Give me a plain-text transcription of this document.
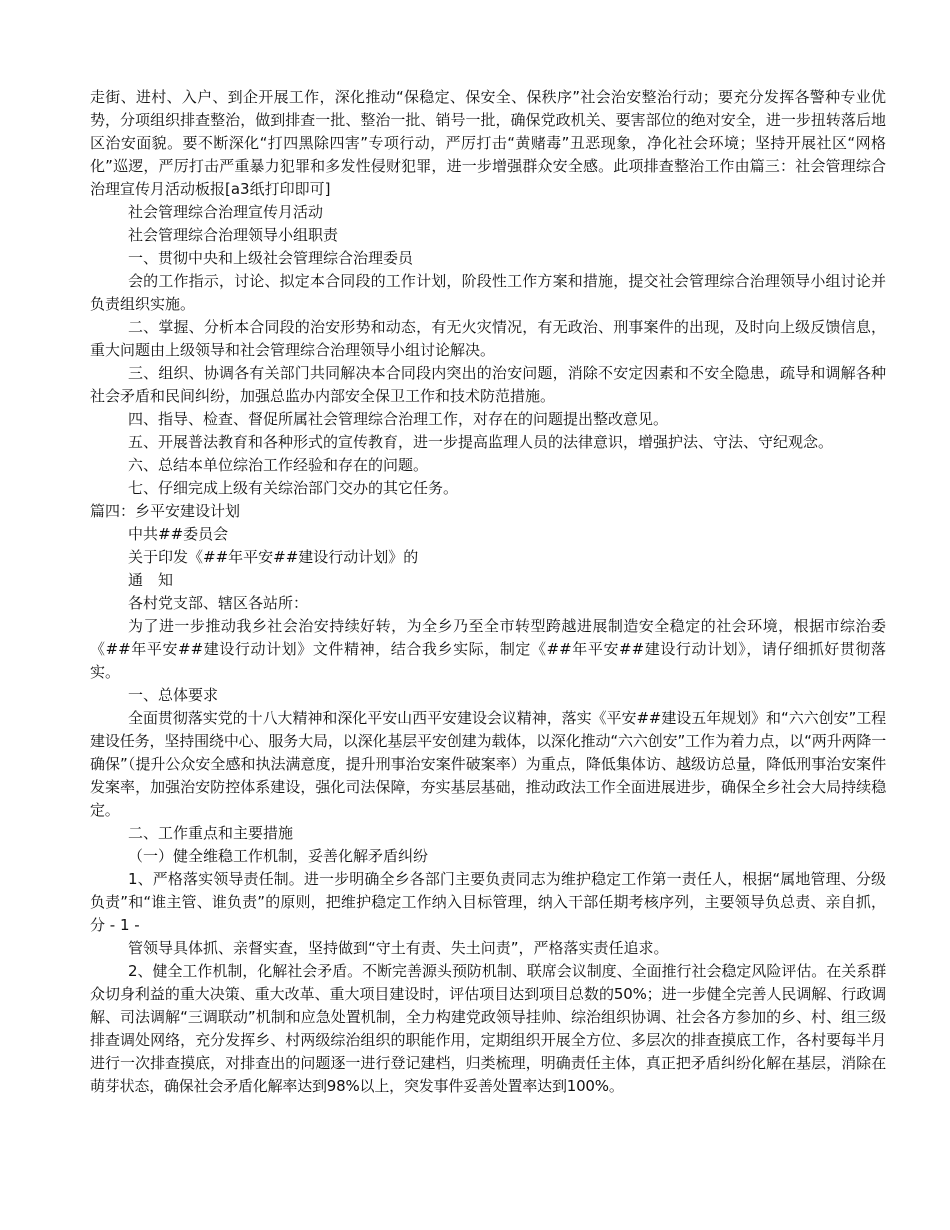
走街、进村、入户、到企开展工作，深化推动“保稳定、保安全、保秩序”社会治安整治行动；要充分发挥各警种专业优势，分项组织排查整治，做到排查一批、整治一批、销号一批，确保党政机关、要害部位的绝对安全，进一步扭转落后地区治安面貌。要不断深化“打四黑除四害”专项行动，严厉打击“黄赌毒”丑恶现象，净化社会环境；坚持开展社区“网格化”巡逻，严厉打击严重暴力犯罪和多发性侵财犯罪，进一步增强群众安全感。此项排查整治工作由篇三：社会管理综合治理宣传月活动板报[a3纸打印即可]

社会管理综合治理宣传月活动

社会管理综合治理领导小组职责

一、贯彻中央和上级社会管理综合治理委员

会的工作指示，讨论、拟定本合同段的工作计划，阶段性工作方案和措施，提交社会管理综合治理领导小组讨论并负责组织实施。

二、掌握、分析本合同段的治安形势和动态，有无火灾情况，有无政治、刑事案件的出现，及时向上级反馈信息，重大问题由上级领导和社会管理综合治理领导小组讨论解决。

三、组织、协调各有关部门共同解决本合同段内突出的治安问题，消除不安定因素和不安全隐患，疏导和调解各种社会矛盾和民间纠纷，加强总监办内部安全保卫工作和技术防范措施。

四、指导、检查、督促所属社会管理综合治理工作，对存在的问题提出整改意见。

五、开展普法教育和各种形式的宣传教育，进一步提高监理人员的法律意识，增强护法、守法、守纪观念。

六、总结本单位综治工作经验和存在的问题。

七、仔细完成上级有关综治部门交办的其它任务。

篇四：乡平安建设计划

中共##委员会

关于印发《##年平安##建设行动计划》的

通　知

各村党支部、辖区各站所：

为了进一步推动我乡社会治安持续好转，为全乡乃至全市转型跨越进展制造安全稳定的社会环境，根据市综治委《##年平安##建设行动计划》文件精神，结合我乡实际，制定《##年平安##建设行动计划》，请仔细抓好贯彻落实。

一、总体要求

全面贯彻落实党的十八大精神和深化平安山西平安建设会议精神，落实《平安##建设五年规划》和“六六创安”工程建设任务，坚持围绕中心、服务大局，以深化基层平安创建为载体，以深化推动“六六创安”工作为着力点，以“两升两降一确保”（提升公众安全感和执法满意度，提升刑事治安案件破案率）为重点，降低集体访、越级访总量，降低刑事治安案件发案率，加强治安防控体系建设，强化司法保障，夯实基层基础，推动政法工作全面进展进步，确保全乡社会大局持续稳定。

二、工作重点和主要措施

（一）健全维稳工作机制，妥善化解矛盾纠纷

1、严格落实领导责任制。进一步明确全乡各部门主要负责同志为维护稳定工作第一责任人，根据“属地管理、分级负责”和“谁主管、谁负责”的原则，把维护稳定工作纳入目标管理，纳入干部任期考核序列，主要领导负总责、亲自抓，分 - 1 -

管领导具体抓、亲督实查，坚持做到“守土有责、失土问责”，严格落实责任追求。

2、健全工作机制，化解社会矛盾。不断完善源头预防机制、联席会议制度、全面推行社会稳定风险评估。在关系群众切身利益的重大决策、重大改革、重大项目建设时，评估项目达到项目总数的50%；进一步健全完善人民调解、行政调解、司法调解“三调联动”机制和应急处置机制，全力构建党政领导挂帅、综治组织协调、社会各方参加的乡、村、组三级排查调处网络，充分发挥乡、村两级综治组织的职能作用，定期组织开展全方位、多层次的排查摸底工作，各村要每半月进行一次排查摸底，对排查出的问题逐一进行登记建档，归类梳理，明确责任主体，真正把矛盾纠纷化解在基层，消除在萌芽状态，确保社会矛盾化解率达到98%以上，突发事件妥善处置率达到100%。
